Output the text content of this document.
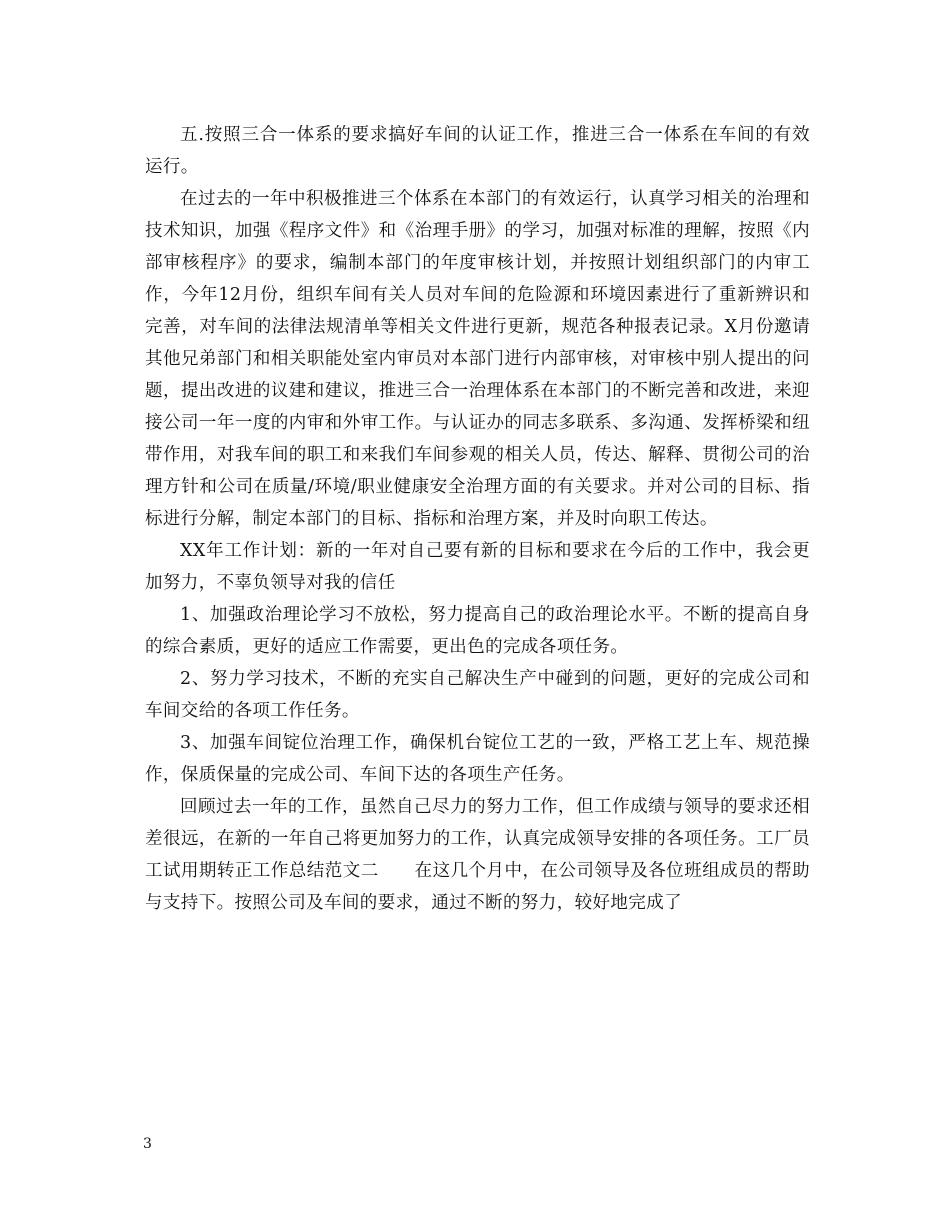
五.按照三合一体系的要求搞好车间的认证工作，推进三合一体系在车间的有效运行。

在过去的一年中积极推进三个体系在本部门的有效运行，认真学习相关的治理和技术知识，加强《程序文件》和《治理手册》的学习，加强对标准的理解，按照《内部审核程序》的要求，编制本部门的年度审核计划，并按照计划组织部门的内审工作，今年12月份，组织车间有关人员对车间的危险源和环境因素进行了重新辨识和完善，对车间的法律法规清单等相关文件进行更新，规范各种报表记录。X月份邀请其他兄弟部门和相关职能处室内审员对本部门进行内部审核，对审核中别人提出的问题，提出改进的议建和建议，推进三合一治理体系在本部门的不断完善和改进，来迎接公司一年一度的内审和外审工作。与认证办的同志多联系、多沟通、发挥桥梁和纽带作用，对我车间的职工和来我们车间参观的相关人员，传达、解释、贯彻公司的治理方针和公司在质量/环境/职业健康安全治理方面的有关要求。并对公司的目标、指标进行分解，制定本部门的目标、指标和治理方案，并及时向职工传达。

XX年工作计划：新的一年对自己要有新的目标和要求在今后的工作中，我会更加努力，不辜负领导对我的信任

1、加强政治理论学习不放松，努力提高自己的政治理论水平。不断的提高自身的综合素质，更好的适应工作需要，更出色的完成各项任务。

2、努力学习技术，不断的充实自己解决生产中碰到的问题，更好的完成公司和车间交给的各项工作任务。

3、加强车间锭位治理工作，确保机台锭位工艺的一致，严格工艺上车、规范操作，保质保量的完成公司、车间下达的各项生产任务。

回顾过去一年的工作，虽然自己尽力的努力工作，但工作成绩与领导的要求还相差很远，在新的一年自己将更加努力的工作，认真完成领导安排的各项任务。工厂员工试用期转正工作总结范文二　　在这几个月中，在公司领导及各位班组成员的帮助与支持下。按照公司及车间的要求，通过不断的努力，较好地完成了

3
